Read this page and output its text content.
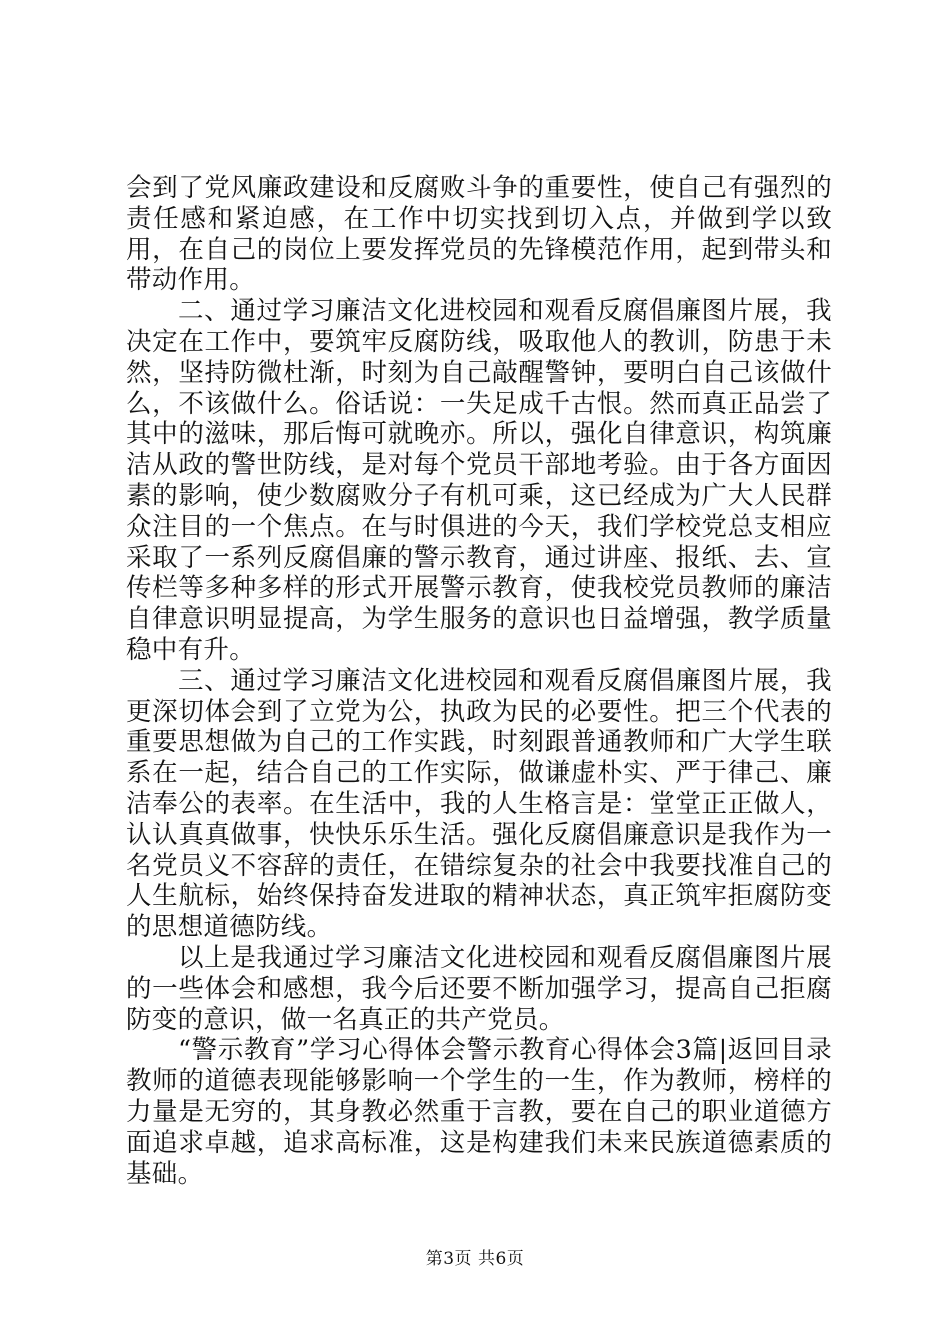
会到了党风廉政建设和反腐败斗争的重要性，使自己有强烈的责任感和紧迫感，在工作中切实找到切入点，并做到学以致用，在自己的岗位上要发挥党员的先锋模范作用，起到带头和带动作用。

二、通过学习廉洁文化进校园和观看反腐倡廉图片展，我决定在工作中，要筑牢反腐防线，吸取他人的教训，防患于未然，坚持防微杜渐，时刻为自己敲醒警钟，要明白自己该做什么，不该做什么。俗话说：一失足成千古恨。然而真正品尝了其中的滋味，那后悔可就晚亦。所以，强化自律意识，构筑廉洁从政的警世防线，是对每个党员干部地考验。由于各方面因素的影响，使少数腐败分子有机可乘，这已经成为广大人民群众注目的一个焦点。在与时俱进的今天，我们学校党总支相应采取了一系列反腐倡廉的警示教育，通过讲座、报纸、去、宣传栏等多种多样的形式开展警示教育，使我校党员教师的廉洁自律意识明显提高，为学生服务的意识也日益增强，教学质量稳中有升。

三、通过学习廉洁文化进校园和观看反腐倡廉图片展，我更深切体会到了立党为公，执政为民的必要性。把三个代表的重要思想做为自己的工作实践，时刻跟普通教师和广大学生联系在一起，结合自己的工作实际，做谦虚朴实、严于律己、廉洁奉公的表率。在生活中，我的人生格言是：堂堂正正做人，认认真真做事，快快乐乐生活。强化反腐倡廉意识是我作为一名党员义不容辞的责任，在错综复杂的社会中我要找准自己的人生航标，始终保持奋发进取的精神状态，真正筑牢拒腐防变的思想道德防线。

以上是我通过学习廉洁文化进校园和观看反腐倡廉图片展的一些体会和感想，我今后还要不断加强学习，提高自己拒腐防变的意识，做一名真正的共产党员。

“警示教育”学习心得体会警示教育心得体会3篇|返回目录教师的道德表现能够影响一个学生的一生，作为教师，榜样的力量是无穷的，其身教必然重于言教，要在自己的职业道德方面追求卓越，追求高标准，这是构建我们未来民族道德素质的基础。

第3页 共6页
